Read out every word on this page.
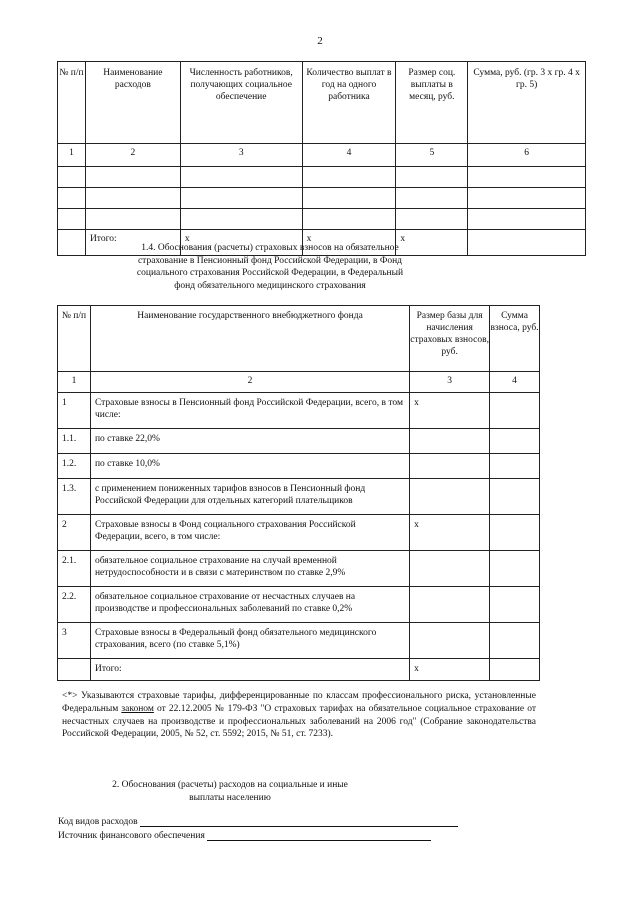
2
№ п/п	Наименование расходов	Численность работников, получающих социальное обеспечение	Количество выплат в год на одного работника	Размер соц. выплаты в месяц, руб.	Сумма, руб. (гр. 3 x гр. 4 x гр. 5)
1	2	3	4	5	6

	Итого:	x	x	x	
1.4. Обоснования (расчеты) страховых взносов на обязательное
страхование в Пенсионный фонд Российской Федерации, в Фонд
социального страхования Российской Федерации, в Федеральный
фонд обязательного медицинского страхования
№ п/п	Наименование государственного внебюджетного фонда	Размер базы для начисления страховых взносов, руб.	Сумма взноса, руб.
1	2	3	4
1	Страховые взносы в Пенсионный фонд Российской Федерации, всего, в том числе:	x	
1.1.	по ставке 22,0%		
1.2.	по ставке 10,0%		
1.3.	с применением пониженных тарифов взносов в Пенсионный фонд Российской Федерации для отдельных категорий плательщиков		
2	Страховые взносы в Фонд социального страхования Российской Федерации, всего, в том числе:	x	
2.1.	обязательное социальное страхование на случай временной нетрудоспособности и в связи с материнством по ставке 2,9%		
2.2.	обязательное социальное страхование от несчастных случаев на производстве и профессиональных заболеваний по ставке 0,2%		
3	Страховые взносы в Федеральный фонд обязательного медицинского страхования, всего (по ставке 5,1%)		
	Итого:	x	
<*> Указываются страховые тарифы, дифференцированные по классам профессионального риска, установленные Федеральным законом от 22.12.2005 № 179-ФЗ "О страховых тарифах на обязательное социальное страхование от несчастных случаев на производстве и профессиональных заболеваний на 2006 год" (Собрание законодательства Российской Федерации, 2005, № 52, ст. 5592; 2015, № 51, ст. 7233).
2. Обоснования (расчеты) расходов на социальные и иные
выплаты населению
Код видов расходов
Источник финансового обеспечения
